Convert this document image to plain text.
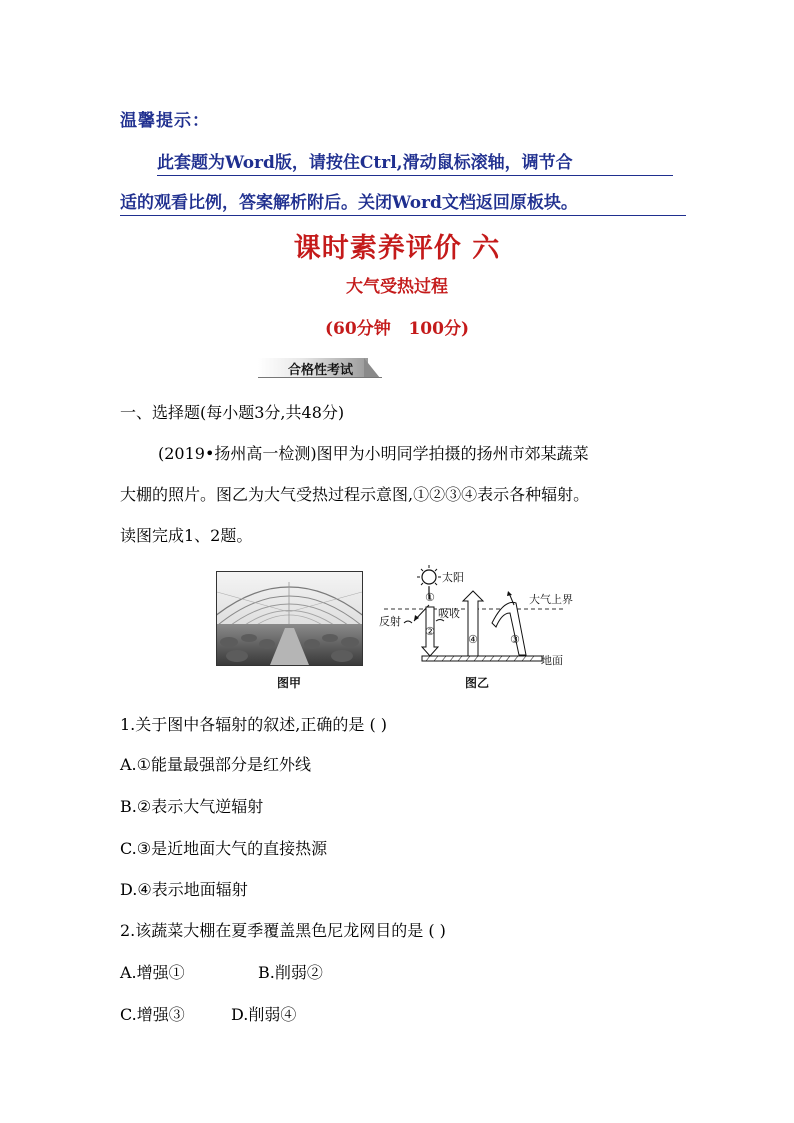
温馨提示：
此套题为Word版，请按住Ctrl,滑动鼠标滚轴，调节合
适的观看比例，答案解析附后。关闭Word文档返回原板块。
课时素养评价 六
大气受热过程
(60分钟   100分)
合格性考试
一、选择题(每小题3分,共48分)
(2019•扬州高一检测)图甲为小明同学拍摄的扬州市郊某蔬菜
大棚的照片。图乙为大气受热过程示意图,①②③④表示各种辐射。
读图完成1、2题。
图甲
太阳
大气上界
地面
①
反射
吸收
②
④	③
图乙
1.关于图中各辐射的叙述,正确的是 ( )
A.①能量最强部分是红外线
B.②表示大气逆辐射
C.③是近地面大气的直接热源
D.④表示地面辐射
2.该蔬菜大棚在夏季覆盖黑色尼龙网目的是 ( )
A.增强①	B.削弱②
C.增强③	D.削弱④
